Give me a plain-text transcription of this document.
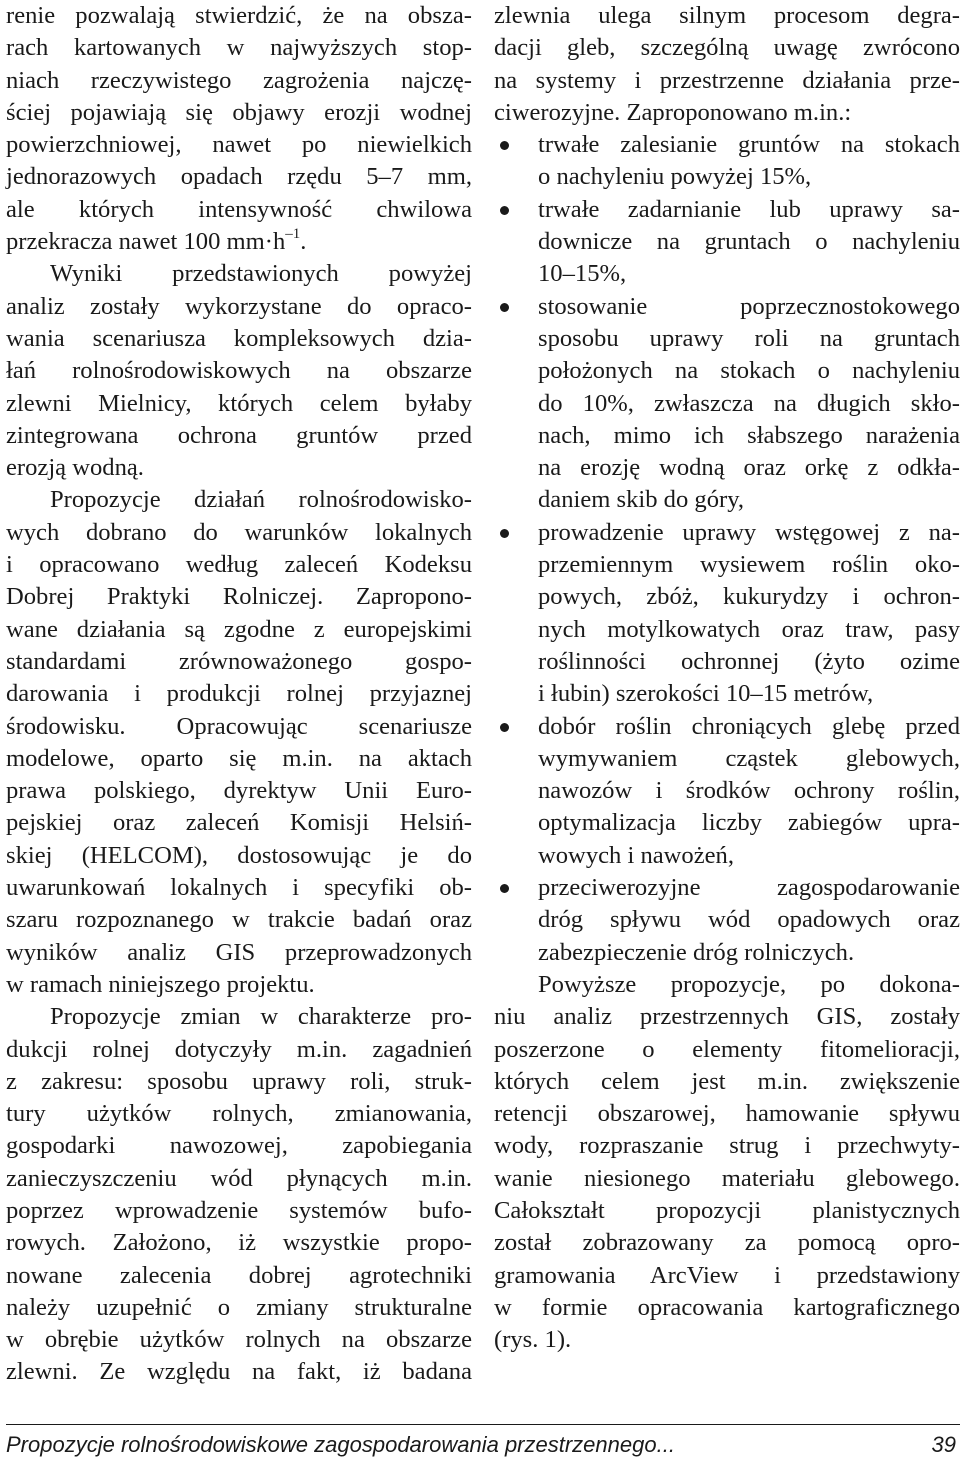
renie pozwalają stwierdzić, że na obsza-
rach kartowanych w najwyższych stop-
niach rzeczywistego zagrożenia najczę-
ściej pojawiają się objawy erozji wodnej
powierzchniowej, nawet po niewielkich
jednorazowych opadach rzędu 5–7 mm,
ale których intensywność chwilowa
przekracza nawet 100 $mm\cdot h^{-1}$.
Wyniki przedstawionych powyżej
analiz zostały wykorzystane do opraco-
wania scenariusza kompleksowych dzia-
łań rolnośrodowiskowych na obszarze
zlewni Mielnicy, których celem byłaby
zintegrowana ochrona gruntów przed
erozją wodną.
Propozycje działań rolnośrodowisko-
wych dobrano do warunków lokalnych
i opracowano według zaleceń Kodeksu
Dobrej Praktyki Rolniczej. Zapropono-
wane działania są zgodne z europejskimi
standardami zrównoważonego gospo-
darowania i produkcji rolnej przyjaznej
środowisku. Opracowując scenariusze
modelowe, oparto się m.in. na aktach
prawa polskiego, dyrektyw Unii Euro-
pejskiej oraz zaleceń Komisji Helsiń-
skiej (HELCOM), dostosowując je do
uwarunkowań lokalnych i specyfiki ob-
szaru rozpoznanego w trakcie badań oraz
wyników analiz GIS przeprowadzonych
w ramach niniejszego projektu.
Propozycje zmian w charakterze pro-
dukcji rolnej dotyczyły m.in. zagadnień
z zakresu: sposobu uprawy roli, struk-
tury użytków rolnych, zmianowania,
gospodarki nawozowej, zapobiegania
zanieczyszczeniu wód płynących m.in.
poprzez wprowadzenie systemów bufo-
rowych. Założono, iż wszystkie propo-
nowane zalecenia dobrej agrotechniki
należy uzupełnić o zmiany strukturalne
w obrębie użytków rolnych na obszarze
zlewni. Ze względu na fakt, iż badana
zlewnia ulega silnym procesom degra-
dacji gleb, szczególną uwagę zwrócono
na systemy i przestrzenne działania prze-
ciwerozyjne. Zaproponowano m.in.:
trwałe zalesianie gruntów na stokach
o nachyleniu powyżej 15%,
trwałe zadarnianie lub uprawy sa-
downicze na gruntach o nachyleniu
10–15%,
stosowanie poprzecznostokowego
sposobu uprawy roli na gruntach
położonych na stokach o nachyleniu
do 10%, zwłaszcza na długich skło-
nach, mimo ich słabszego narażenia
na erozję wodną oraz orkę z odkła-
daniem skib do góry,
prowadzenie uprawy wstęgowej z na-
przemiennym wysiewem roślin oko-
powych, zbóż, kukurydzy i ochron-
nych motylkowatych oraz traw, pasy
roślinności ochronnej (żyto ozime
i łubin) szerokości 10–15 metrów,
dobór roślin chroniących glebę przed
wymywaniem cząstek glebowych,
nawozów i środków ochrony roślin,
optymalizacja liczby zabiegów upra-
wowych i nawożeń,
przeciwerozyjne zagospodarowanie
dróg spływu wód opadowych oraz
zabezpieczenie dróg rolniczych.
Powyższe propozycje, po dokona-
niu analiz przestrzennych GIS, zostały
poszerzone o elementy fitomelioracji,
których celem jest m.in. zwiększenie
retencji obszarowej, hamowanie spływu
wody, rozpraszanie strug i przechwyty-
wanie niesionego materiału glebowego.
Całokształt propozycji planistycznych
został zobrazowany za pomocą opro-
gramowania ArcView i przedstawiony
w formie opracowania kartograficznego
(rys. 1).
Propozycje rolnośrodowiskowe zagospodarowania przestrzennego...	39
